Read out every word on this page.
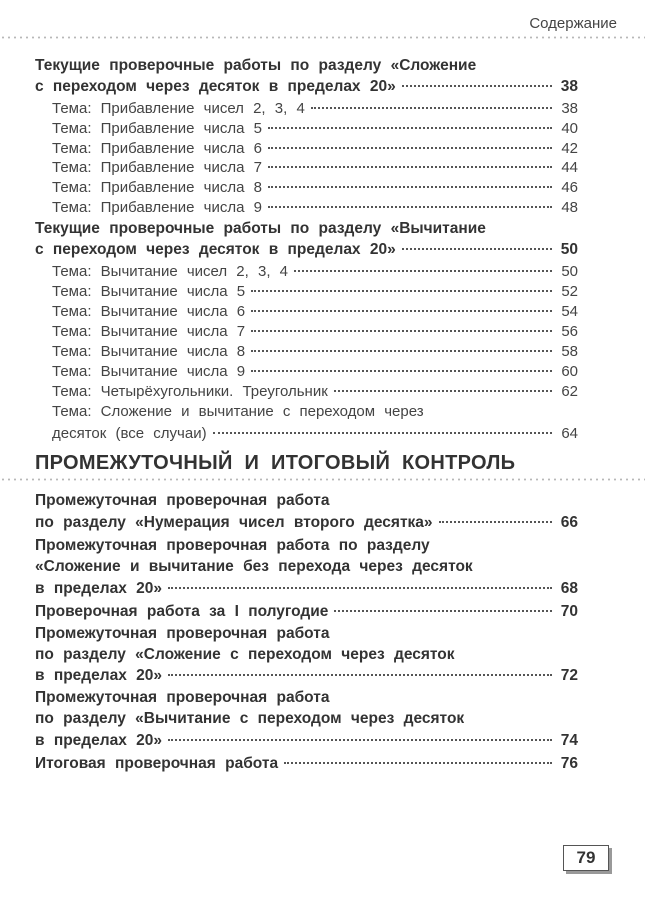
Содержание
Текущие проверочные работы по разделу «Сложение
с переходом через десяток в пределах 20»	38
Тема: Прибавление чисел 2, 3, 4	38
Тема: Прибавление числа 5	40
Тема: Прибавление числа 6	42
Тема: Прибавление числа 7	44
Тема: Прибавление числа 8	46
Тема: Прибавление числа 9	48
Текущие проверочные работы по разделу «Вычитание
с переходом через десяток в пределах 20»	50
Тема: Вычитание чисел 2, 3, 4	50
Тема: Вычитание числа 5	52
Тема: Вычитание числа 6	54
Тема: Вычитание числа 7	56
Тема: Вычитание числа 8	58
Тема: Вычитание числа 9	60
Тема: Четырёхугольники. Треугольник	62
Тема: Сложение и вычитание с переходом через
десяток (все случаи)	64
ПРОМЕЖУТОЧНЫЙ И ИТОГОВЫЙ КОНТРОЛЬ
Промежуточная проверочная работа
по разделу «Нумерация чисел второго десятка»	66
Промежуточная проверочная работа по разделу
«Сложение и вычитание без перехода через десяток
в пределах 20»	68
Проверочная работа за I полугодие	70
Промежуточная проверочная работа
по разделу «Сложение с переходом через десяток
в пределах 20»	72
Промежуточная проверочная работа
по разделу «Вычитание с переходом через десяток
в пределах 20»	74
Итоговая проверочная работа	76
79
